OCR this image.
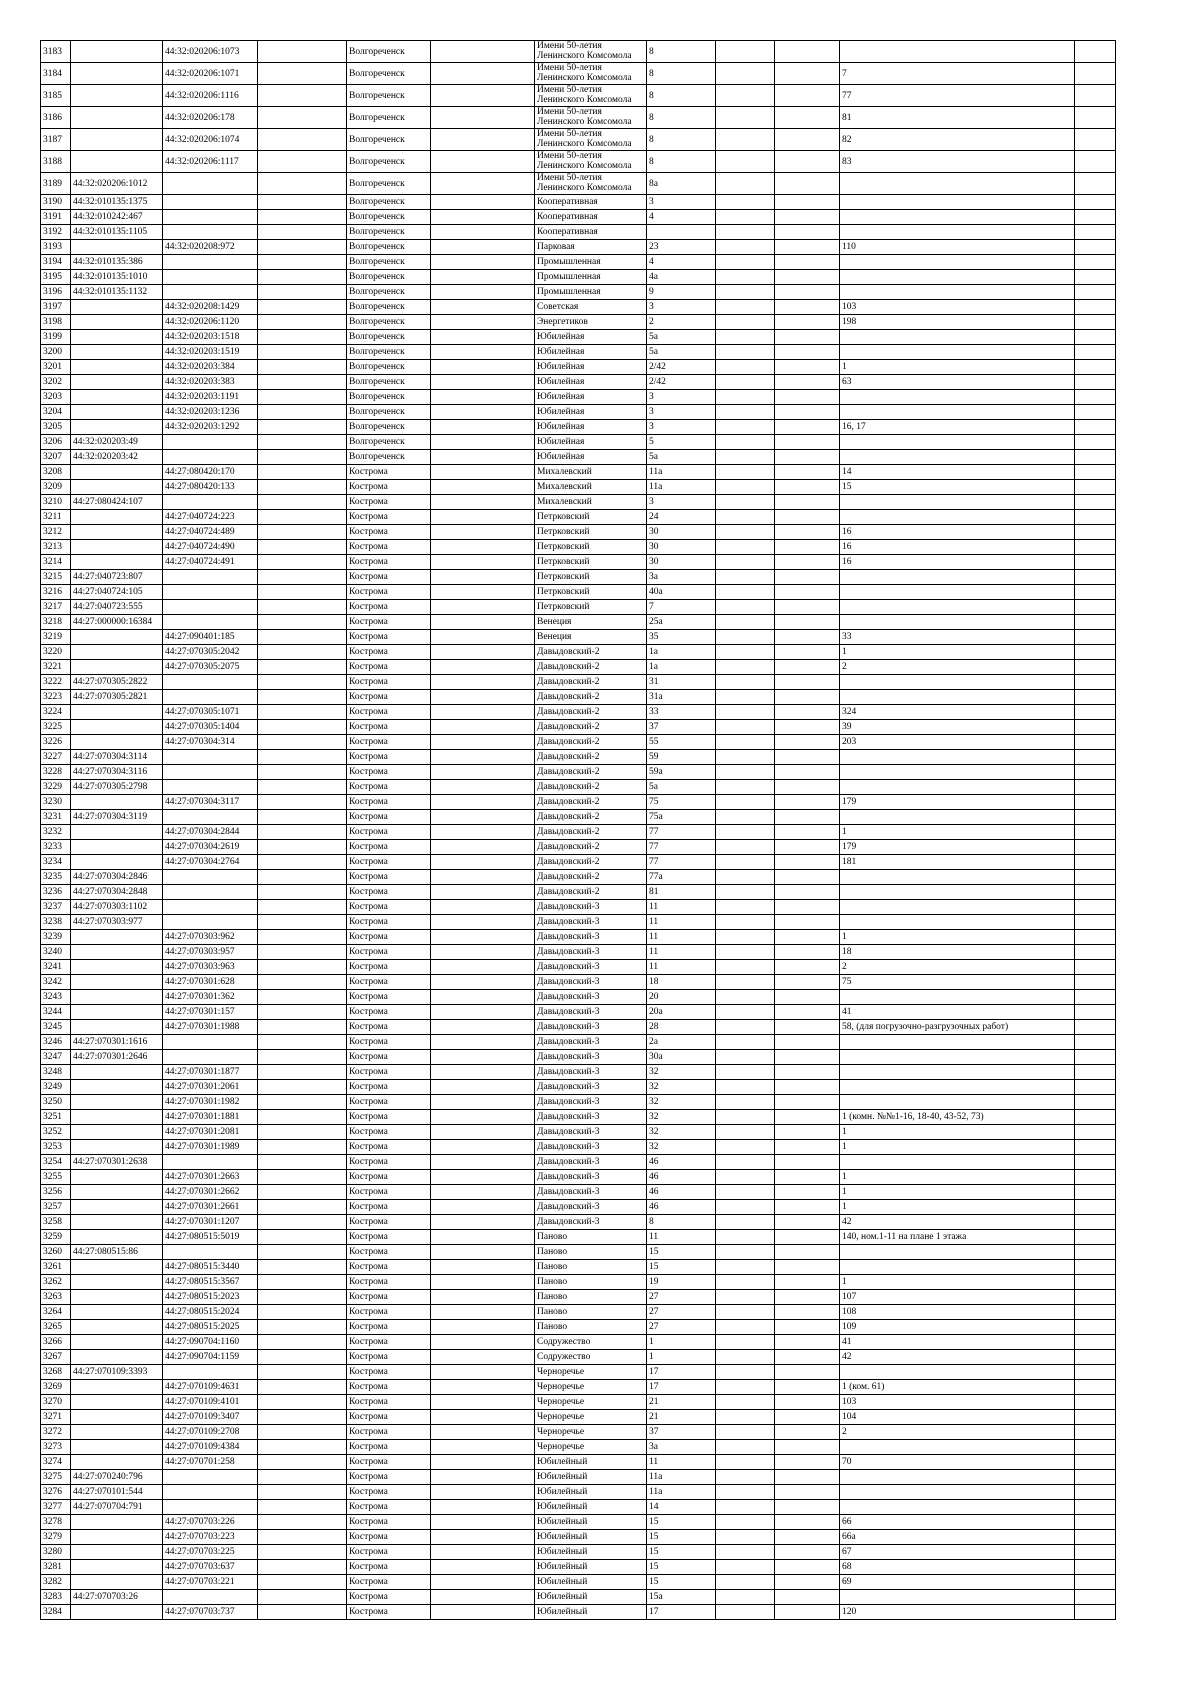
3183		44:32:020206:1073		Волгореченск		Имени 50-летия Ленинского Комсомола	8				
3184		44:32:020206:1071		Волгореченск		Имени 50-летия Ленинского Комсомола	8			7	
3185		44:32:020206:1116		Волгореченск		Имени 50-летия Ленинского Комсомола	8			77	
3186		44:32:020206:178		Волгореченск		Имени 50-летия Ленинского Комсомола	8			81	
3187		44:32:020206:1074		Волгореченск		Имени 50-летия Ленинского Комсомола	8			82	
3188		44:32:020206:1117		Волгореченск		Имени 50-летия Ленинского Комсомола	8			83	
3189	44:32:020206:1012			Волгореченск		Имени 50-летия Ленинского Комсомола	8а				
3190	44:32:010135:1375			Волгореченск		Кооперативная	3				
3191	44:32:010242:467			Волгореченск		Кооперативная	4				
3192	44:32:010135:1105			Волгореченск		Кооперативная					
3193		44:32:020208:972		Волгореченск		Парковая	23			110	
3194	44:32:010135:386			Волгореченск		Промышленная	4				
3195	44:32:010135:1010			Волгореченск		Промышленная	4а				
3196	44:32:010135:1132			Волгореченск		Промышленная	9				
3197		44:32:020208:1429		Волгореченск		Советская	3			103	
3198		44:32:020206:1120		Волгореченск		Энергетиков	2			198	
3199		44:32:020203:1518		Волгореченск		Юбилейная	5а				
3200		44:32:020203:1519		Волгореченск		Юбилейная	5а				
3201		44:32:020203:384		Волгореченск		Юбилейная	2/42			1	
3202		44:32:020203:383		Волгореченск		Юбилейная	2/42			63	
3203		44:32:020203:1191		Волгореченск		Юбилейная	3				
3204		44:32:020203:1236		Волгореченск		Юбилейная	3				
3205		44:32:020203:1292		Волгореченск		Юбилейная	3			16, 17	
3206	44:32:020203:49			Волгореченск		Юбилейная	5				
3207	44:32:020203:42			Волгореченск		Юбилейная	5а				
3208		44:27:080420:170		Кострома		Михалевский	11а			14	
3209		44:27:080420:133		Кострома		Михалевский	11а			15	
3210	44:27:080424:107			Кострома		Михалевский	3				
3211		44:27:040724:223		Кострома		Петрковский	24				
3212		44:27:040724:489		Кострома		Петрковский	30			16	
3213		44:27:040724:490		Кострома		Петрковский	30			16	
3214		44:27:040724:491		Кострома		Петрковский	30			16	
3215	44:27:040723:807			Кострома		Петрковский	3а				
3216	44:27:040724:105			Кострома		Петрковский	40а				
3217	44:27:040723:555			Кострома		Петрковский	7				
3218	44:27:000000:16384			Кострома		Венеция	25а				
3219		44:27:090401:185		Кострома		Венеция	35			33	
3220		44:27:070305:2042		Кострома		Давыдовский-2	1а			1	
3221		44:27:070305:2075		Кострома		Давыдовский-2	1а			2	
3222	44:27:070305:2822			Кострома		Давыдовский-2	31				
3223	44:27:070305:2821			Кострома		Давыдовский-2	31а				
3224		44:27:070305:1071		Кострома		Давыдовский-2	33			324	
3225		44:27:070305:1404		Кострома		Давыдовский-2	37			39	
3226		44:27:070304:314		Кострома		Давыдовский-2	55			203	
3227	44:27:070304:3114			Кострома		Давыдовский-2	59				
3228	44:27:070304:3116			Кострома		Давыдовский-2	59а				
3229	44:27:070305:2798			Кострома		Давыдовский-2	5а				
3230		44:27:070304:3117		Кострома		Давыдовский-2	75			179	
3231	44:27:070304:3119			Кострома		Давыдовский-2	75а				
3232		44:27:070304:2844		Кострома		Давыдовский-2	77			1	
3233		44:27:070304:2619		Кострома		Давыдовский-2	77			179	
3234		44:27:070304:2764		Кострома		Давыдовский-2	77			181	
3235	44:27:070304:2846			Кострома		Давыдовский-2	77а				
3236	44:27:070304:2848			Кострома		Давыдовский-2	81				
3237	44:27:070303:1102			Кострома		Давыдовский-3	11				
3238	44:27:070303:977			Кострома		Давыдовский-3	11				
3239		44:27:070303:962		Кострома		Давыдовский-3	11			1	
3240		44:27:070303:957		Кострома		Давыдовский-3	11			18	
3241		44:27:070303:963		Кострома		Давыдовский-3	11			2	
3242		44:27:070301:628		Кострома		Давыдовский-3	18			75	
3243		44:27:070301:362		Кострома		Давыдовский-3	20				
3244		44:27:070301:157		Кострома		Давыдовский-3	20а			41	
3245		44:27:070301:1988		Кострома		Давыдовский-3	28			58, (для погрузочно-разгрузочных работ)	
3246	44:27:070301:1616			Кострома		Давыдовский-3	2а				
3247	44:27:070301:2646			Кострома		Давыдовский-3	30а				
3248		44:27:070301:1877		Кострома		Давыдовский-3	32				
3249		44:27:070301:2061		Кострома		Давыдовский-3	32				
3250		44:27:070301:1982		Кострома		Давыдовский-3	32				
3251		44:27:070301:1881		Кострома		Давыдовский-3	32			1 (комн. №№1-16, 18-40, 43-52, 73)	
3252		44:27:070301:2081		Кострома		Давыдовский-3	32			1	
3253		44:27:070301:1989		Кострома		Давыдовский-3	32			1	
3254	44:27:070301:2638			Кострома		Давыдовский-3	46				
3255		44:27:070301:2663		Кострома		Давыдовский-3	46			1	
3256		44:27:070301:2662		Кострома		Давыдовский-3	46			1	
3257		44:27:070301:2661		Кострома		Давыдовский-3	46			1	
3258		44:27:070301:1207		Кострома		Давыдовский-3	8			42	
3259		44:27:080515:5019		Кострома		Паново	11			140, ном.1-11 на плане 1 этажа	
3260	44:27:080515:86			Кострома		Паново	15				
3261		44:27:080515:3440		Кострома		Паново	15				
3262		44:27:080515:3567		Кострома		Паново	19			1	
3263		44:27:080515:2023		Кострома		Паново	27			107	
3264		44:27:080515:2024		Кострома		Паново	27			108	
3265		44:27:080515:2025		Кострома		Паново	27			109	
3266		44:27:090704:1160		Кострома		Содружество	1			41	
3267		44:27:090704:1159		Кострома		Содружество	1			42	
3268	44:27:070109:3393			Кострома		Черноречье	17				
3269		44:27:070109:4631		Кострома		Черноречье	17			1 (ком. 61)	
3270		44:27:070109:4101		Кострома		Черноречье	21			103	
3271		44:27:070109:3407		Кострома		Черноречье	21			104	
3272		44:27:070109:2708		Кострома		Черноречье	37			2	
3273		44:27:070109:4384		Кострома		Черноречье	3а				
3274		44:27:070701:258		Кострома		Юбилейный	11			70	
3275	44:27:070240:796			Кострома		Юбилейный	11а				
3276	44:27:070101:544			Кострома		Юбилейный	11а				
3277	44:27:070704:791			Кострома		Юбилейный	14				
3278		44:27:070703:226		Кострома		Юбилейный	15			66	
3279		44:27:070703:223		Кострома		Юбилейный	15			66а	
3280		44:27:070703:225		Кострома		Юбилейный	15			67	
3281		44:27:070703:637		Кострома		Юбилейный	15			68	
3282		44:27:070703:221		Кострома		Юбилейный	15			69	
3283	44:27:070703:26			Кострома		Юбилейный	15а				
3284		44:27:070703:737		Кострома		Юбилейный	17			120	
